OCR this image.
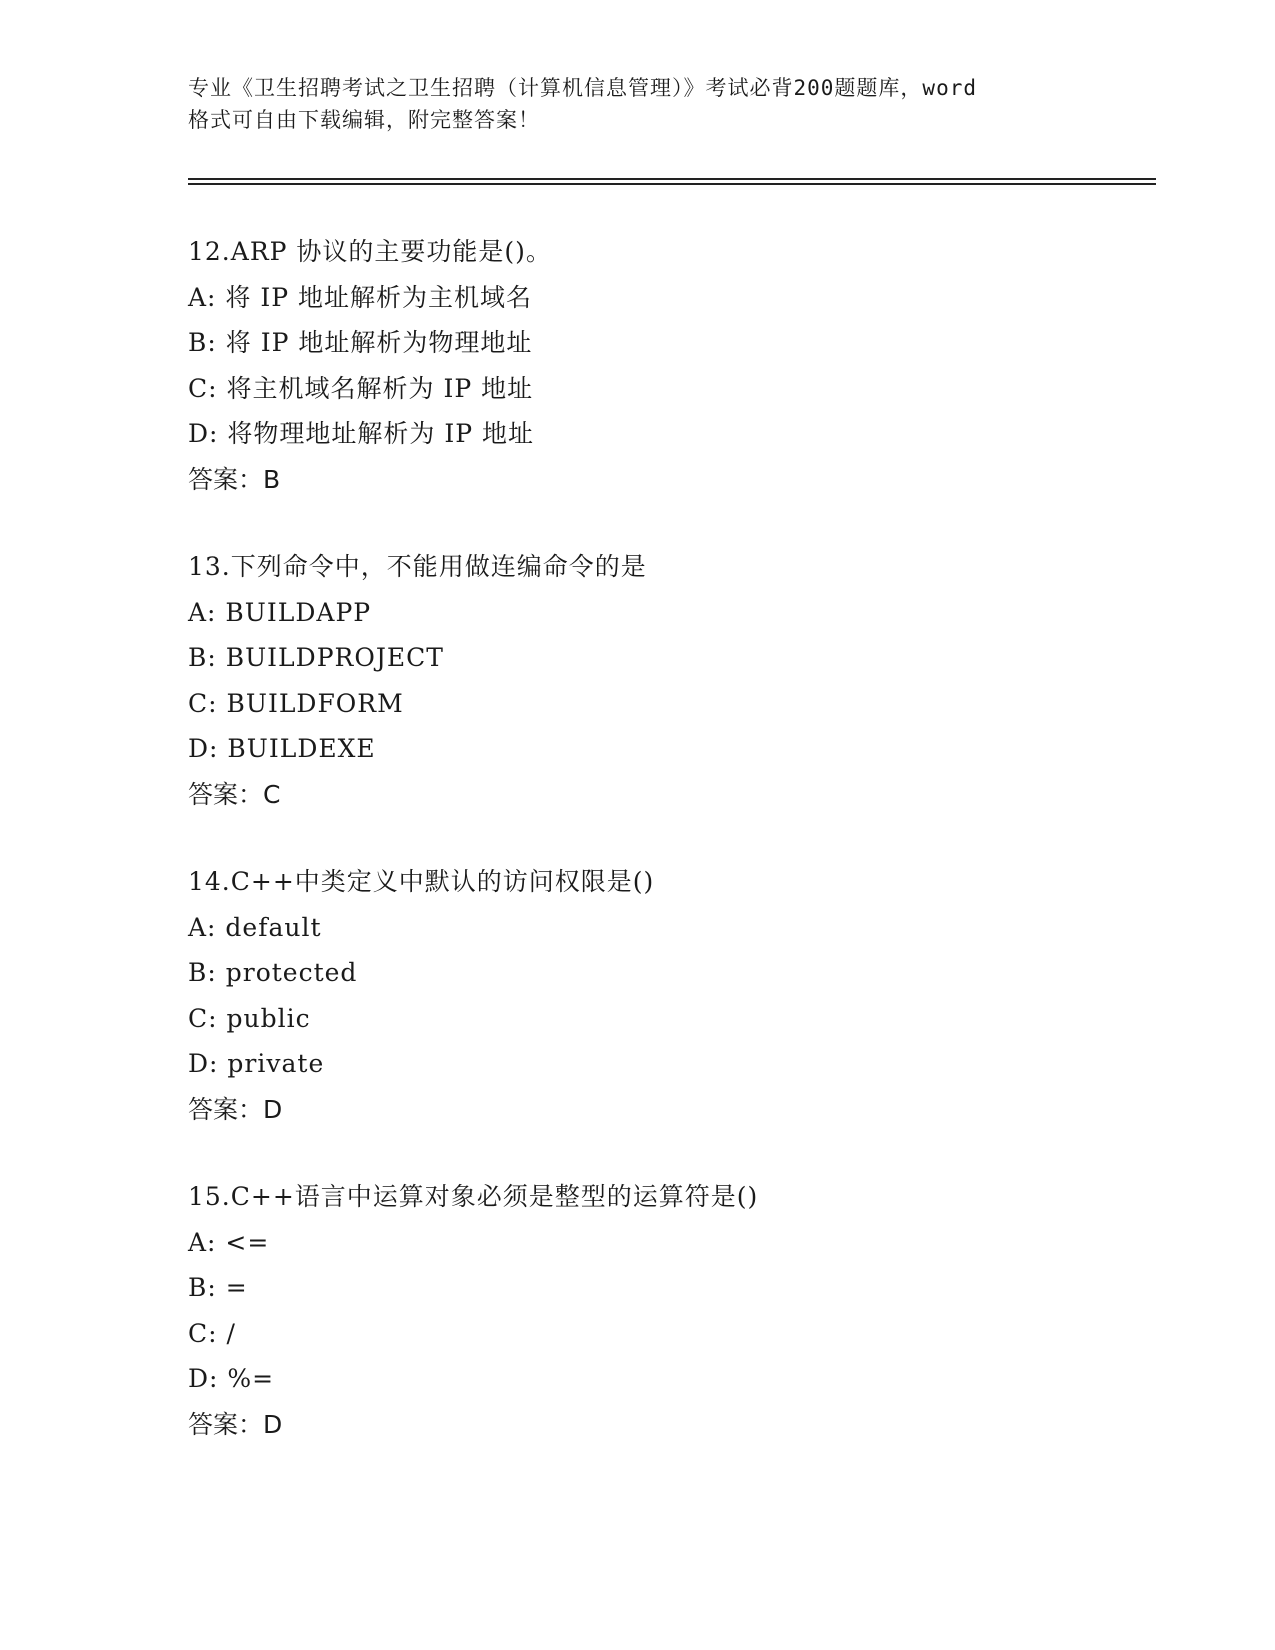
专业《卫生招聘考试之卫生招聘（计算机信息管理）》考试必背200题题库，word
格式可自由下载编辑，附完整答案！
12.ARP 协议的主要功能是()。
A: 将 IP 地址解析为主机域名
B: 将 IP 地址解析为物理地址
C: 将主机域名解析为 IP 地址
D: 将物理地址解析为 IP 地址
答案：B
13.下列命令中，不能用做连编命令的是
A: BUILDAPP
B: BUILDPROJECT
C: BUILDFORM
D: BUILDEXE
答案：C
14.C++中类定义中默认的访问权限是()
A: default
B: protected
C: public
D: private
答案：D
15.C++语言中运算对象必须是整型的运算符是()
A: <=
B: =
C: /
D: %=
答案：D
